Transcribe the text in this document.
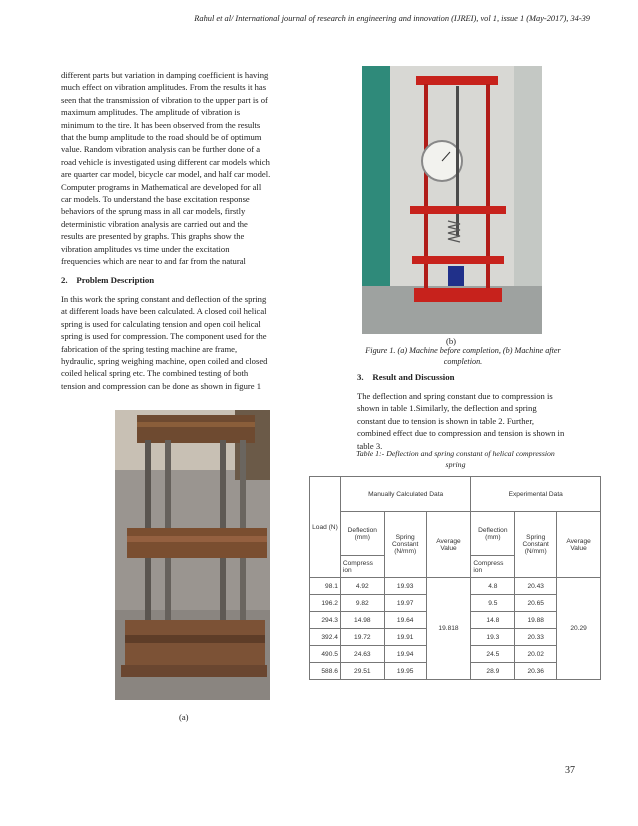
Rahul et al/ International journal of research in engineering and innovation (IJREI), vol 1, issue 1 (May-2017), 34-39

different parts but variation in damping coefficient is having

much effect on vibration amplitudes. From the results it has

seen that the transmission of vibration to the upper part is of

maximum amplitudes. The amplitude of vibration is

minimum to the tire. It has been observed from the results

that the bump amplitude to the road should be of optimum

value. Random vibration analysis can be further done of a

road vehicle is investigated using different car models which

are quarter car model, bicycle car model, and half car model.

Computer programs in Mathematical are developed for all

car models. To understand the base excitation response

behaviors of the sprung mass in all car models, firstly

deterministic vibration analysis are carried out and the

results are presented by graphs. This graphs show the

vibration amplitudes vs time under the excitation

frequencies which are near to and far from the natural

2.    Problem Description

In this work the spring constant and deflection of the spring

at different loads have been calculated. A closed coil helical

spring is used for calculating tension and open coil helical

spring is used for compression. The component used for the

fabrication of the spring testing machine are frame,

hydraulic, spring weighing machine, open coiled and closed

coiled helical spring etc. The combined testing of both

tension and compression can be done as shown in figure 1

(a)
(b)
Figure 1. (a) Machine before completion, (b) Machine after
completion.
3.    Result and Discussion

The deflection and spring constant due to compression is

shown in table 1.Similarly, the deflection and spring

constant due to tension is shown in table 2. Further,

combined effect due to compression and tension is shown in

table 3.

Table 1:- Deflection and spring constant of helical compression
spring
Load (N)	Manually Calculated Data			Experimental Data		
	Deflection (mm)	Spring Constant (N/mm)	Average Value	Deflection (mm)	Spring Constant (N/mm)	Average Value
	Compress ion			Compress ion		
98.1	4.92	19.93	19.818	4.8	20.43	20.29
196.2	9.82	19.97		9.5	20.65	
294.3	14.98	19.64		14.8	19.88	
392.4	19.72	19.91		19.3	20.33	
490.5	24.63	19.94		24.5	20.02	
588.6	29.51	19.95		28.9	20.36	
37
